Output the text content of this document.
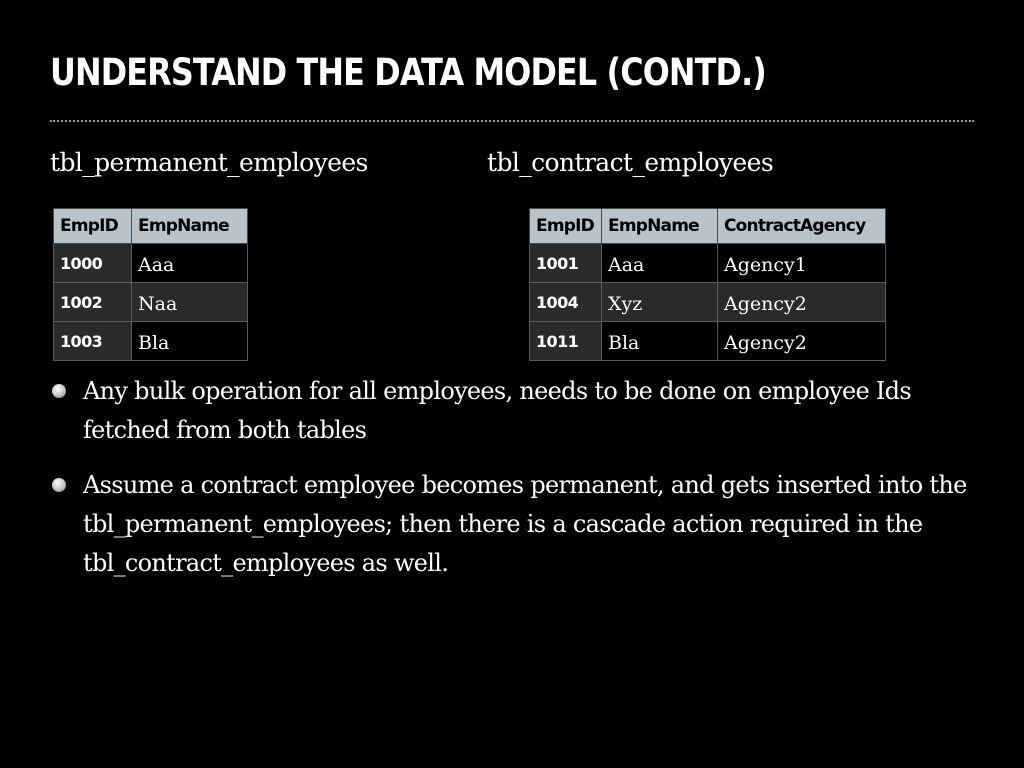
UNDERSTAND THE DATA MODEL (CONTD.)
tbl_permanent_employees	tbl_contract_employees
EmpID	EmpName
1000	Aaa
1002	Naa
1003	Bla
EmpID	EmpName	ContractAgency
1001	Aaa	Agency1
1004	Xyz	Agency2
1011	Bla	Agency2
Any bulk operation for all employees, needs to be done on employee Ids fetched from both tables
Assume a contract employee becomes permanent, and gets inserted into the tbl_permanent_employees; then there is a cascade action required in the tbl_contract_employees as well.
